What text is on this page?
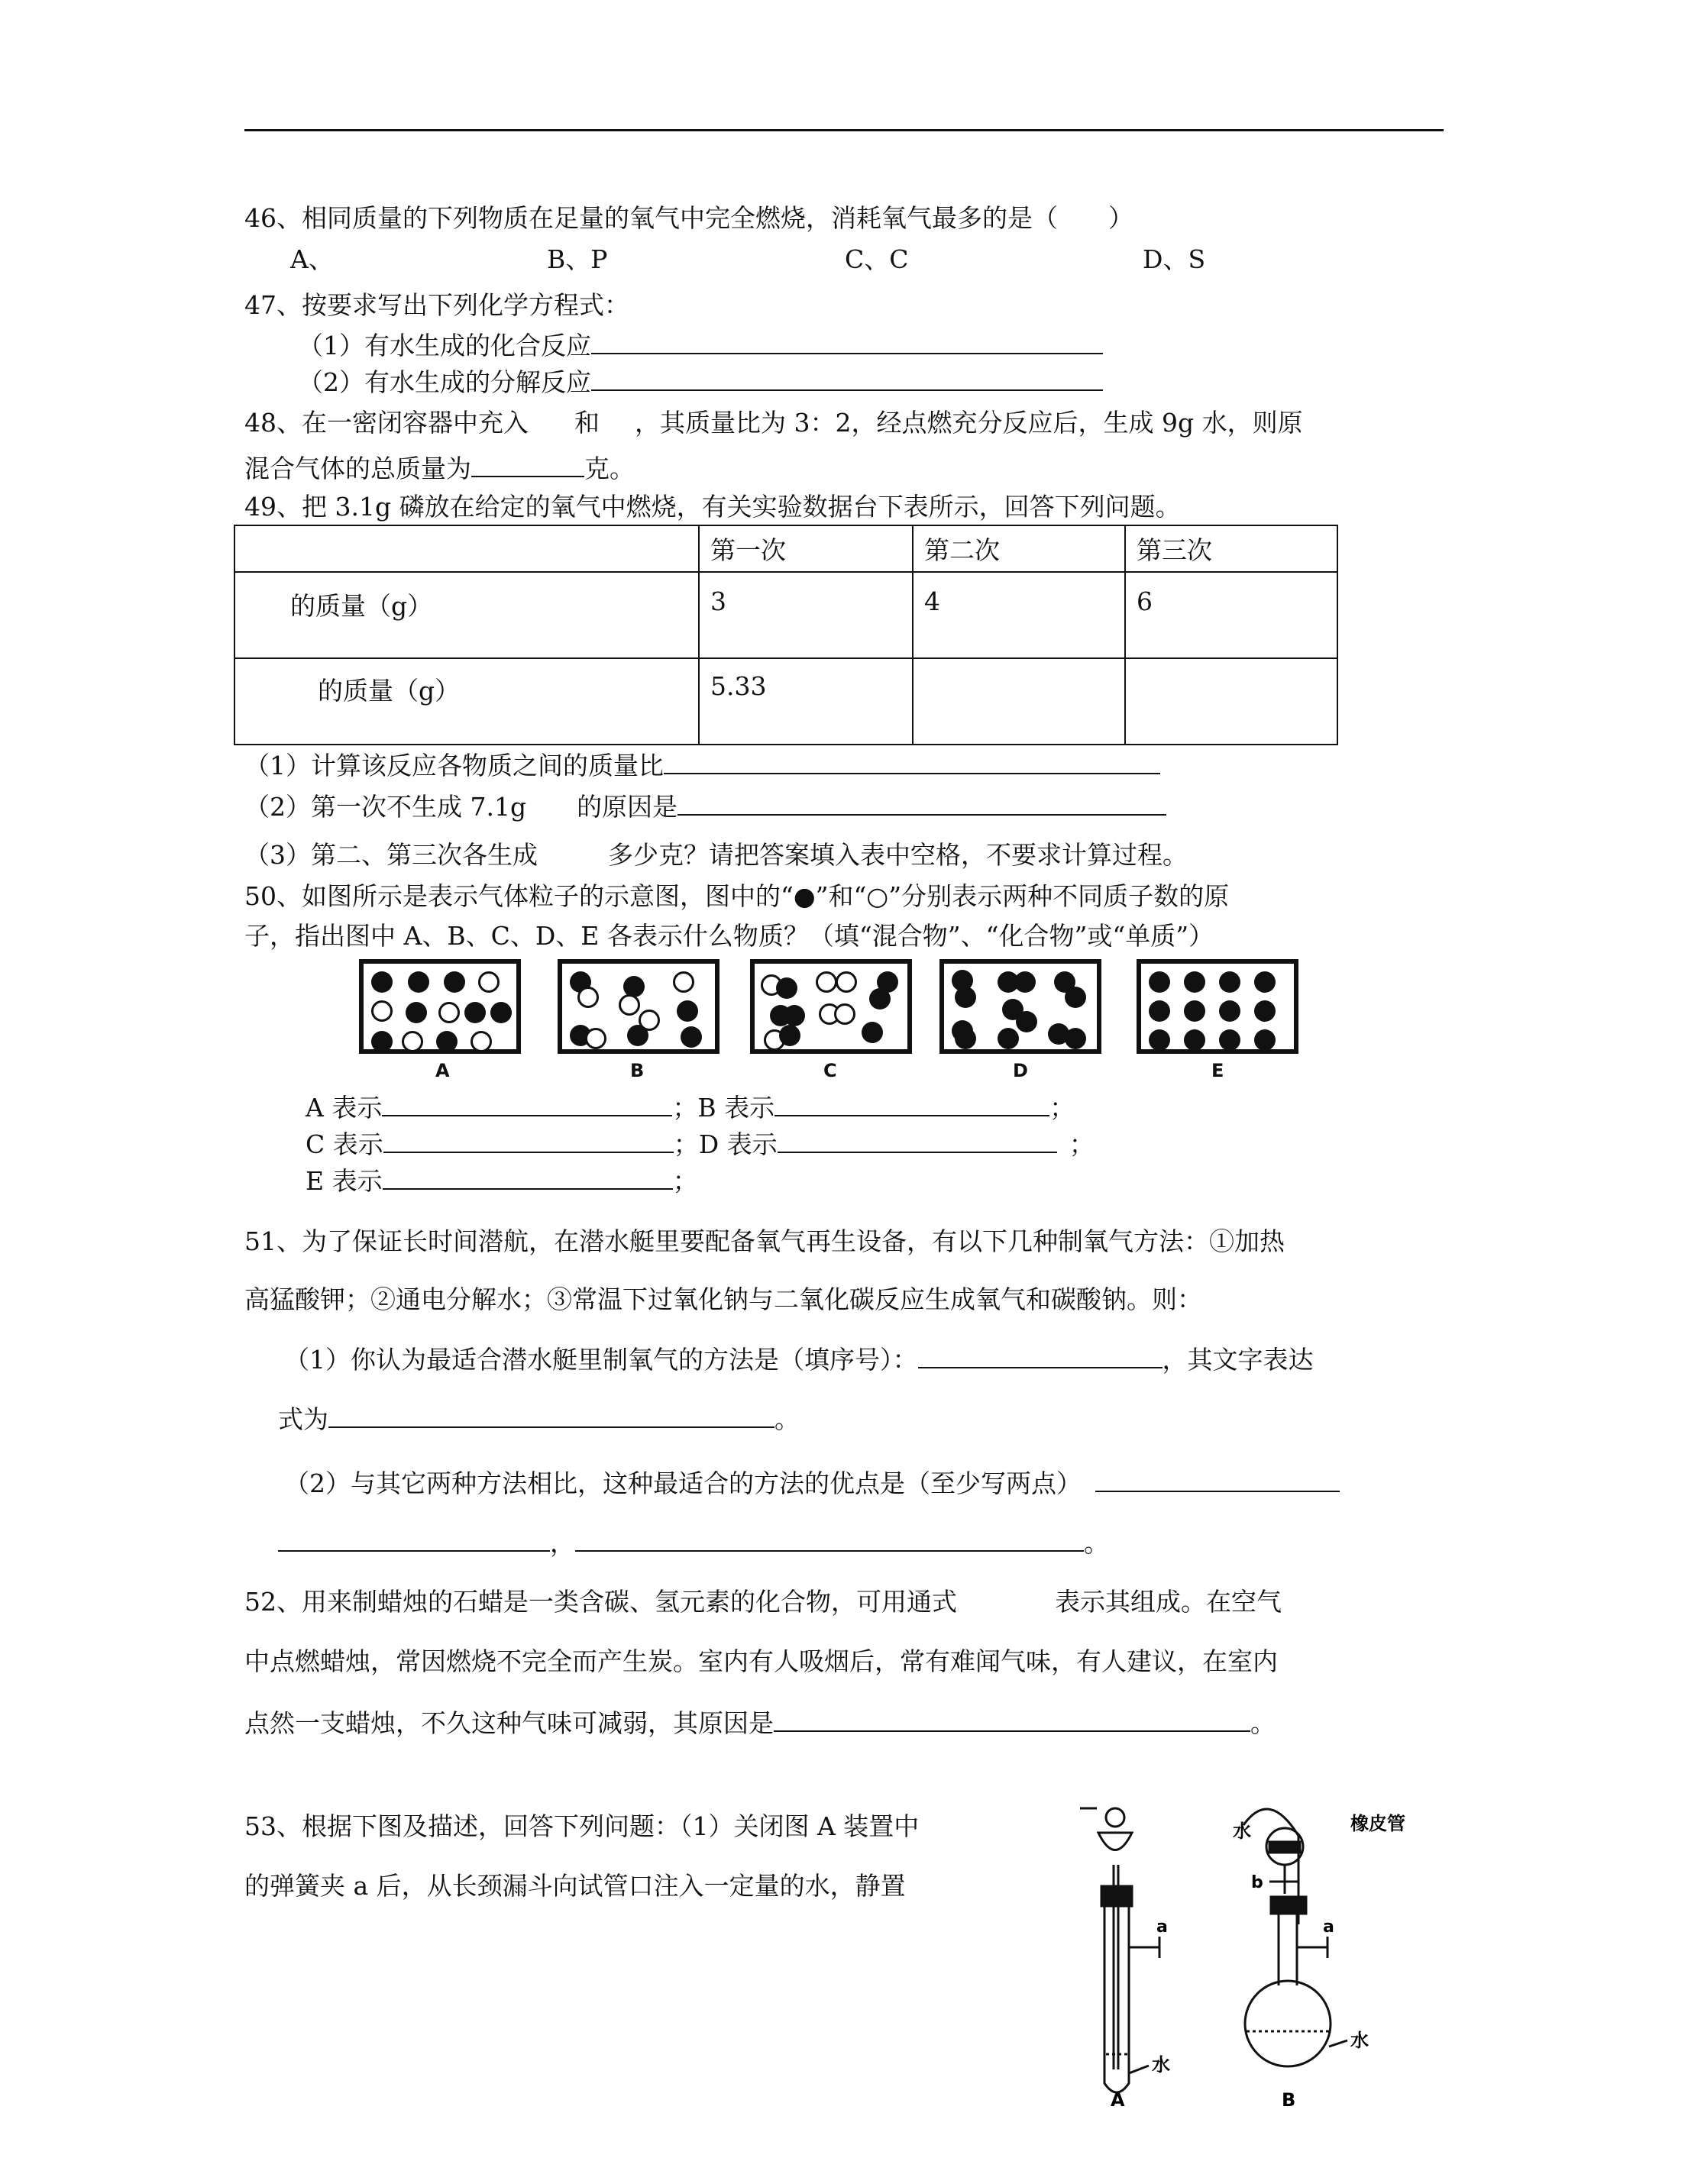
46、相同质量的下列物质在足量的氧气中完全燃烧，消耗氧气最多的是（　　）
A、	B、P	C、C	D、S
47、按要求写出下列化学方程式：
（1）有水生成的化合反应
（2）有水生成的分解反应
48、在一密闭容器中充入 和 ，其质量比为 3：2，经点燃充分反应后，生成 9g 水，则原
混合气体的总质量为	克。
49、把 3.1g 磷放在给定的氧气中燃烧，有关实验数据台下表所示，回答下列问题。

	第一次	第二次	第三次

的质量（g）	3	4	6

的质量（g）	5.33		

（1）计算该反应各物质之间的质量比
（2）第一次不生成 7.1g 的原因是
（3）第二、第三次各生成	多少克？请把答案填入表中空格，不要求计算过程。
50、如图所示是表示气体粒子的示意图，图中的“●”和“○”分别表示两种不同质子数的原
子，指出图中 A、B、C、D、E 各表示什么物质？（填“混合物”、“化合物”或“单质”）
A	B	C	D	E
A 表示	；B 表示	；
C 表示	；D 表示	；
E 表示	；
51、为了保证长时间潜航，在潜水艇里要配备氧气再生设备，有以下几种制氧气方法：①加热
高猛酸钾；②通电分解水；③常温下过氧化钠与二氧化碳反应生成氧气和碳酸钠。则：
（1）你认为最适合潜水艇里制氧气的方法是（填序号）：	，其文字表达
式为	。
（2）与其它两种方法相比，这种最适合的方法的优点是（至少写两点）
，	。
52、用来制蜡烛的石蜡是一类含碳、氢元素的化合物，可用通式	表示其组成。在空气
中点燃蜡烛，常因燃烧不完全而产生炭。室内有人吸烟后，常有难闻气味，有人建议，在室内
点然一支蜡烛，不久这种气味可减弱，其原因是	。
53、根据下图及描述，回答下列问题：（1）关闭图 A 装置中
的弹簧夹 a 后，从长颈漏斗向试管口注入一定量的水，静置
a
水
A
水
b
a
水
橡皮管
B
